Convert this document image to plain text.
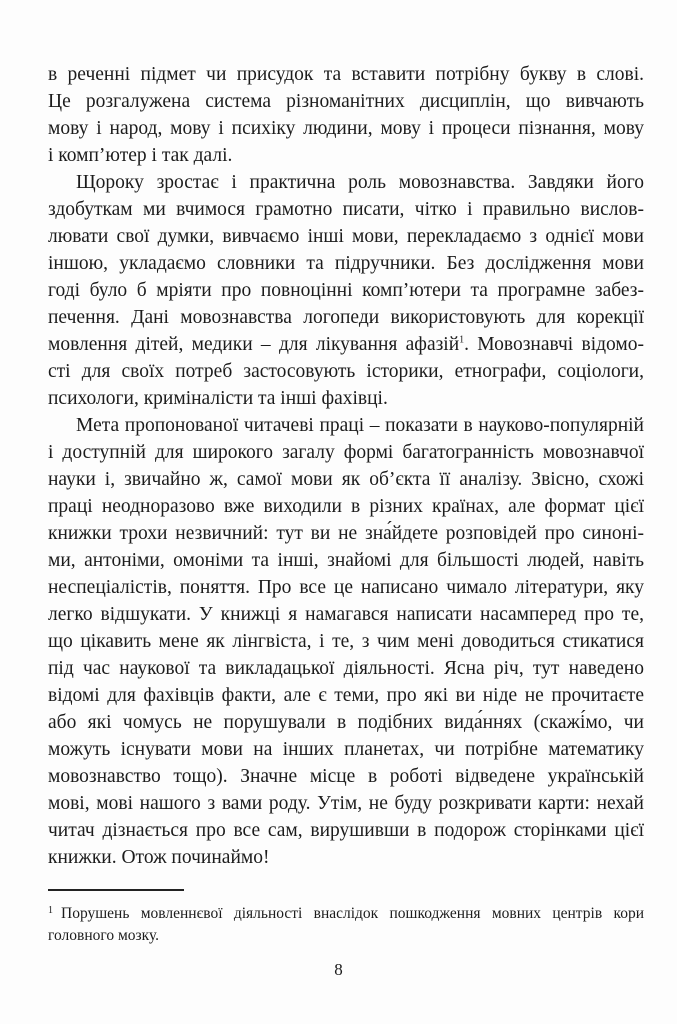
в реченні підмет чи присудок та вставити потрібну букву в слові.
Це розгалужена система різноманітних дисциплін, що вивчають
мову і народ, мову і психіку людини, мову і процеси пізнання, мову
і комп’ютер і так далі.
Щороку зростає і практична роль мовознавства. Завдяки його
здобуткам ми вчимося грамотно писати, чітко і правильно вислов-
лювати свої думки, вивчаємо інші мови, перекладаємо з однієї мови
іншою, укладаємо словники та підручники. Без дослідження мови
годі було б мріяти про повноцінні комп’ютери та програмне забез-
печення. Дані мовознавства логопеди використовують для корекції
мовлення дітей, медики – для лікування афазій$^1$. Мовознавчі відомо-
сті для своїх потреб застосовують історики, етнографи, соціологи,
психологи, криміналісти та інші фахівці.
Мета пропонованої читачеві праці – показати в науково-популярній
і доступній для широкого загалу формі багатогранність мовознавчої
науки і, звичайно ж, самої мови як об’єкта її аналізу. Звісно, схожі
праці неодноразово вже виходили в різних країнах, але формат цієї
книжки трохи незвичний: тут ви не зна́йдете розповідей про синоні-
ми, антоніми, омоніми та інші, знайомі для більшості людей, навіть
неспеціалістів, поняття. Про все це написано чимало літератури, яку
легко відшукати. У книжці я намагався написати насамперед про те,
що цікавить мене як лінгвіста, і те, з чим мені доводиться стикатися
під час наукової та викладацької діяльності. Ясна річ, тут наведено
відомі для фахівців факти, але є теми, про які ви ніде не прочитаєте
або які чомусь не порушували в подібних вида́ннях (скажі́мо, чи
можуть існувати мови на інших планетах, чи потрібне математику
мовознавство тощо). Значне місце в роботі відведене українській
мові, мові нашого з вами роду. Утім, не буду розкривати карти: нехай
читач дізнається про все сам, вирушивши в подорож сторінками цієї
книжки. Отож починаймо!
$^1$ Порушень мовленнєвої діяльності внаслідок пошкодження мовних центрів кори
головного мозку.
8
